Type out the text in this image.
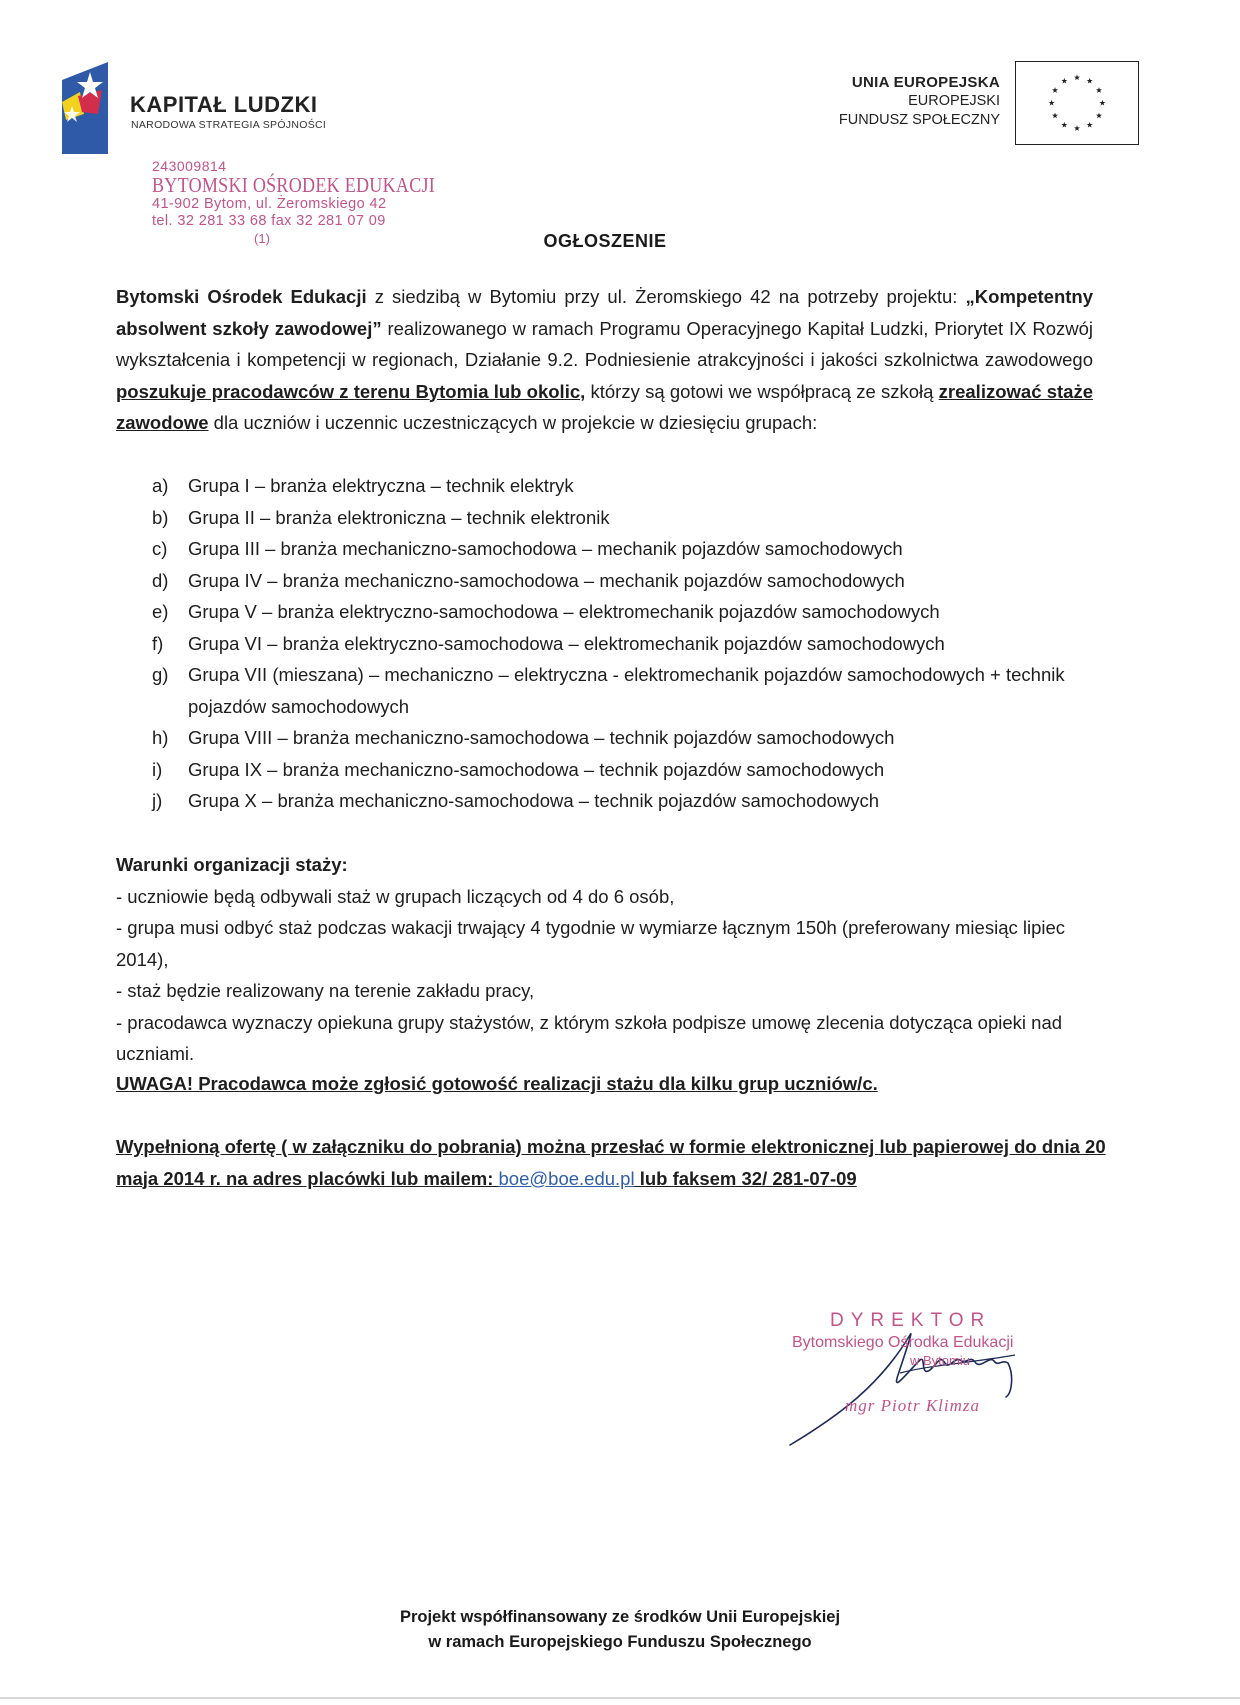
KAPITAŁ LUDZKI
NARODOWA STRATEGIA SPÓJNOŚCI
UNIA EUROPEJSKA
EUROPEJSKI
FUNDUSZ SPOŁECZNY
243009814
BYTOMSKI OŚRODEK EDUKACJI
41-902 Bytom, ul. Żeromskiego 42
tel. 32 281 33 68 fax 32 281 07 09
(1)	OGŁOSZENIE
Bytomski Ośrodek Edukacji z siedzibą w Bytomiu przy ul. Żeromskiego 42 na potrzeby projektu: „Kompetentny absolwent szkoły zawodowej” realizowanego w ramach Programu Operacyjnego Kapitał Ludzki, Priorytet IX Rozwój wykształcenia i kompetencji w regionach, Działanie 9.2. Podniesienie atrakcyjności i jakości szkolnictwa zawodowego poszukuje pracodawców z terenu Bytomia lub okolic, którzy są gotowi we współpracą ze szkołą zrealizować staże zawodowe dla uczniów i uczennic uczestniczących w projekcie w dziesięciu grupach:
a) Grupa I – branża elektryczna – technik elektryk
b) Grupa II – branża elektroniczna – technik elektronik
c) Grupa III – branża mechaniczno-samochodowa – mechanik pojazdów samochodowych
d) Grupa IV – branża mechaniczno-samochodowa – mechanik pojazdów samochodowych
e) Grupa V – branża elektryczno-samochodowa – elektromechanik pojazdów samochodowych
f) Grupa VI – branża elektryczno-samochodowa – elektromechanik pojazdów samochodowych
g) Grupa VII (mieszana) – mechaniczno – elektryczna - elektromechanik pojazdów samochodowych + technik pojazdów samochodowych
h) Grupa VIII – branża mechaniczno-samochodowa – technik pojazdów samochodowych
i) Grupa IX – branża mechaniczno-samochodowa – technik pojazdów samochodowych
j) Grupa X – branża mechaniczno-samochodowa – technik pojazdów samochodowych
Warunki organizacji staży:
- uczniowie będą odbywali staż w grupach liczących od 4 do 6 osób,
- grupa musi odbyć staż podczas wakacji trwający 4 tygodnie w wymiarze łącznym 150h (preferowany miesiąc lipiec 2014),
- staż będzie realizowany na terenie zakładu pracy,
- pracodawca wyznaczy opiekuna grupy stażystów, z którym szkoła podpisze umowę zlecenia dotycząca opieki nad uczniami.
UWAGA! Pracodawca może zgłosić gotowość realizacji stażu dla kilku grup uczniów/c.
Wypełnioną ofertę ( w załączniku do pobrania) można przesłać w formie elektronicznej lub papierowej do dnia 20 maja 2014 r. na adres placówki lub mailem: boe@boe.edu.pl lub faksem 32/ 281-07-09
DYREKTOR
Bytomskiego Ośrodka Edukacji
w Bytomiu
mgr Piotr Klimza
Projekt współfinansowany ze środków Unii Europejskiej
w ramach Europejskiego Funduszu Społecznego
